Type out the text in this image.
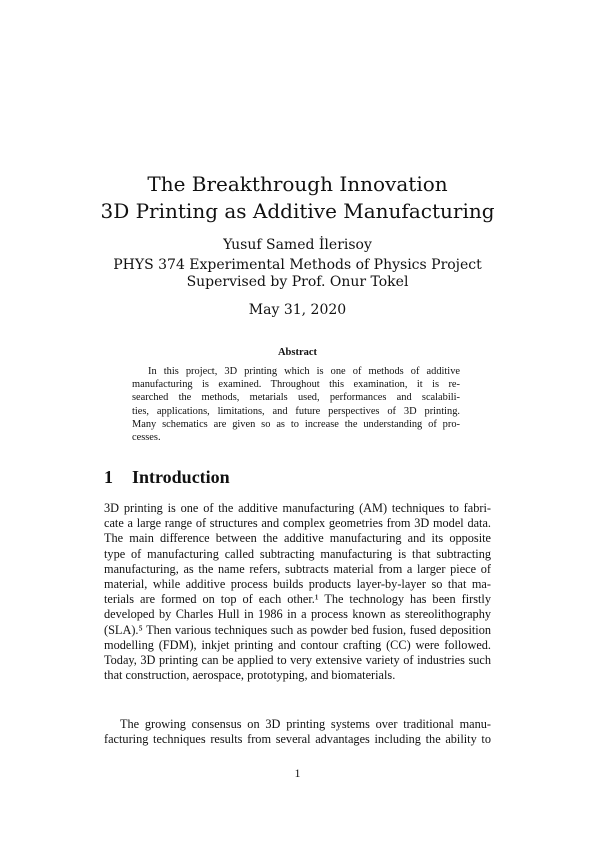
The Breakthrough Innovation
3D Printing as Additive Manufacturing
Yusuf Samed İlerisoy
PHYS 374 Experimental Methods of Physics Project
Supervised by Prof. Onur Tokel
May 31, 2020
Abstract
In this project, 3D printing which is one of methods of additive
manufacturing is examined. Throughout this examination, it is re-
searched the methods, metarials used, performances and scalabili-
ties, applications, limitations, and future perspectives of 3D printing.
Many schematics are given so as to increase the understanding of pro-
cesses.
1 Introduction
3D printing is one of the additive manufacturing (AM) techniques to fabri-
cate a large range of structures and complex geometries from 3D model data.
The main difference between the additive manufacturing and its opposite
type of manufacturing called subtracting manufacturing is that subtracting
manufacturing, as the name refers, subtracts material from a larger piece of
material, while additive process builds products layer-by-layer so that ma-
terials are formed on top of each other.¹ The technology has been firstly
developed by Charles Hull in 1986 in a process known as stereolithography
(SLA).⁵ Then various techniques such as powder bed fusion, fused deposition
modelling (FDM), inkjet printing and contour crafting (CC) were followed.
Today, 3D printing can be applied to very extensive variety of industries such
that construction, aerospace, prototyping, and biomaterials.
The growing consensus on 3D printing systems over traditional manu-
facturing techniques results from several advantages including the ability to
1
